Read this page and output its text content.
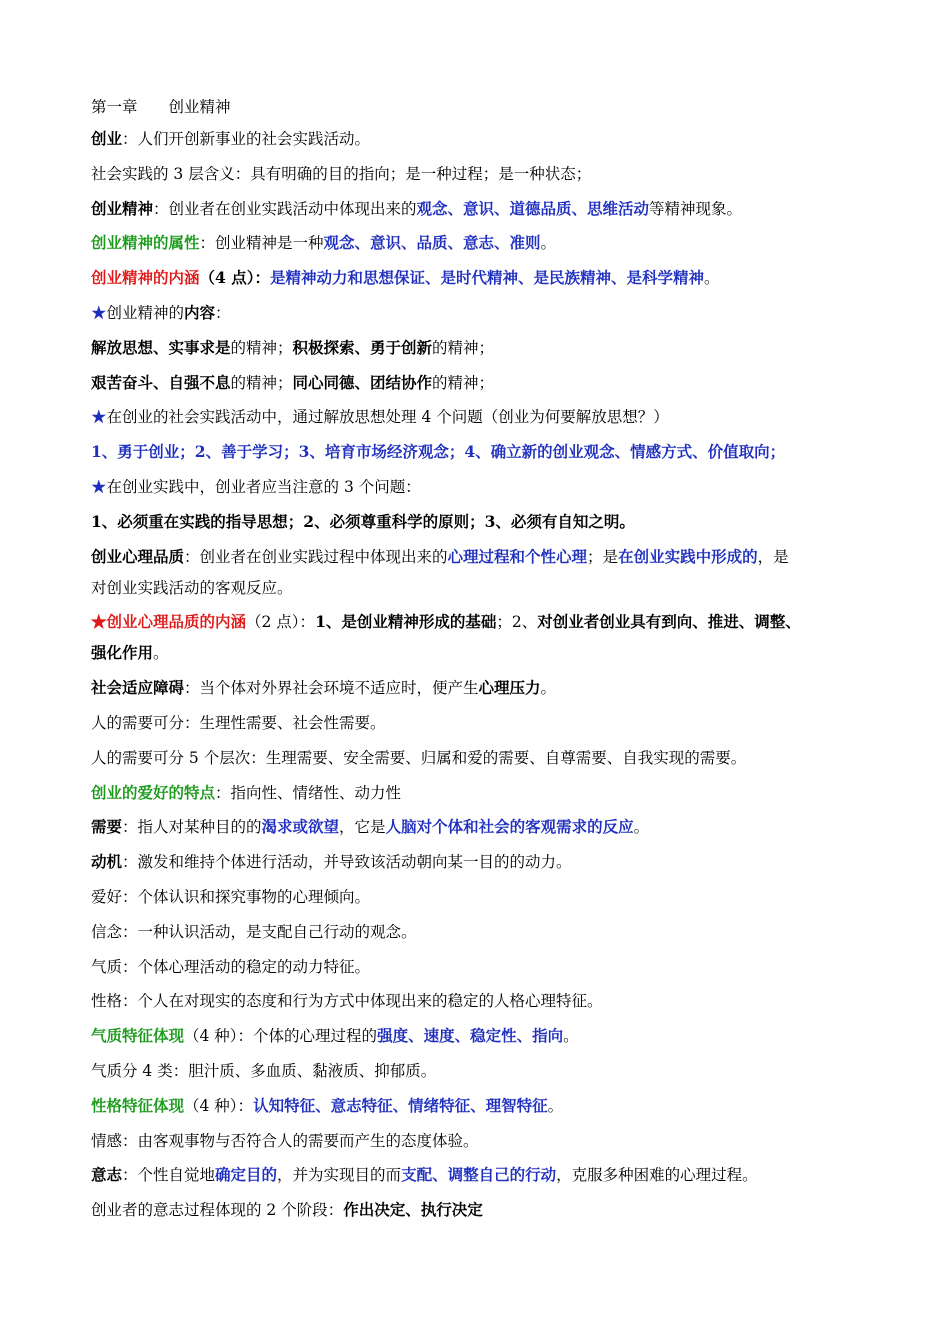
第一章　　创业精神
创业：人们开创新事业的社会实践活动。
社会实践的 3 层含义：具有明确的目的指向；是一种过程；是一种状态；
创业精神：创业者在创业实践活动中体现出来的观念、意识、道德品质、思维活动等精神现象。
创业精神的属性：创业精神是一种观念、意识、品质、意志、准则。
创业精神的内涵（4 点）：是精神动力和思想保证、是时代精神、是民族精神、是科学精神。
★创业精神的内容：
解放思想、实事求是的精神；积极探索、勇于创新的精神；
艰苦奋斗、自强不息的精神；同心同德、团结协作的精神；
★在创业的社会实践活动中，通过解放思想处理 4 个问题（创业为何要解放思想？）
1、勇于创业；2、善于学习；3、培育市场经济观念；4、确立新的创业观念、情感方式、价值取向；
★在创业实践中，创业者应当注意的 3 个问题：
1、必须重在实践的指导思想；2、必须尊重科学的原则；3、必须有自知之明。
创业心理品质：创业者在创业实践过程中体现出来的心理过程和个性心理；是在创业实践中形成的，是
对创业实践活动的客观反应。
★创业心理品质的内涵（2 点）：1、是创业精神形成的基础；2、对创业者创业具有到向、推进、调整、
强化作用。
社会适应障碍：当个体对外界社会环境不适应时，便产生心理压力。
人的需要可分：生理性需要、社会性需要。
人的需要可分 5 个层次：生理需要、安全需要、归属和爱的需要、自尊需要、自我实现的需要。
创业的爱好的特点：指向性、情绪性、动力性
需要：指人对某种目的的渴求或欲望，它是人脑对个体和社会的客观需求的反应。
动机：激发和维持个体进行活动，并导致该活动朝向某一目的的动力。
爱好：个体认识和探究事物的心理倾向。
信念：一种认识活动，是支配自己行动的观念。
气质：个体心理活动的稳定的动力特征。
性格：个人在对现实的态度和行为方式中体现出来的稳定的人格心理特征。
气质特征体现（4 种）：个体的心理过程的强度、速度、稳定性、指向。
气质分 4 类：胆汁质、多血质、黏液质、抑郁质。
性格特征体现（4 种）：认知特征、意志特征、情绪特征、理智特征。
情感：由客观事物与否符合人的需要而产生的态度体验。
意志：个性自觉地确定目的，并为实现目的而支配、调整自己的行动，克服多种困难的心理过程。
创业者的意志过程体现的 2 个阶段：作出决定、执行决定
